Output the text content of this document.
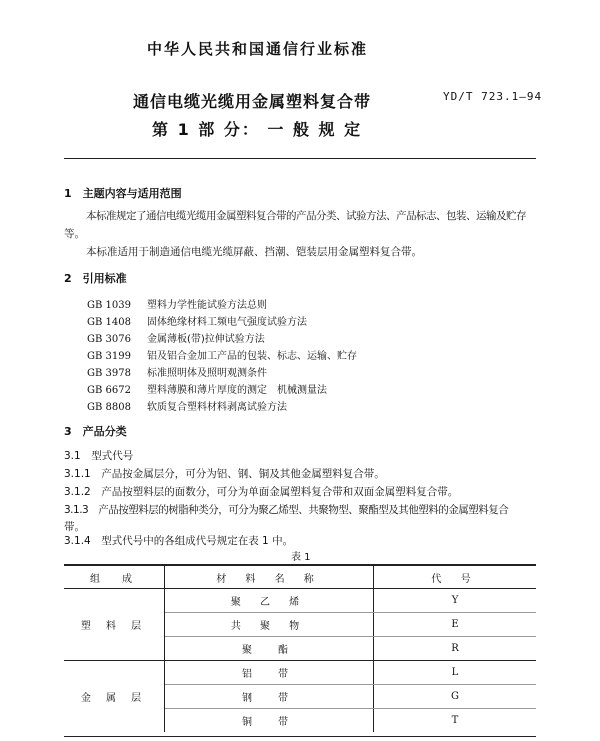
中华人民共和国通信行业标准
通信电缆光缆用金属塑料复合带	YD/T 723.1—94
第 1 部 分： 一 般 规 定
1　主题内容与适用范围
本标准规定了通信电缆光缆用金属塑料复合带的产品分类、试验方法、产品标志、包装、运输及贮存
等。
本标准适用于制造通信电缆光缆屏蔽、挡潮、铠装层用金属塑料复合带。
2　引用标准
GB 1039 塑料力学性能试验方法总则
GB 1408 固体绝缘材料工频电气强度试验方法
GB 3076 金属薄板(带)拉伸试验方法
GB 3199 铝及铝合金加工产品的包装、标志、运输、贮存
GB 3978 标准照明体及照明观测条件
GB 6672 塑料薄膜和薄片厚度的测定　机械测量法
GB 8808 软质复合塑料材料剥离试验方法
3　产品分类
3.1　型式代号
3.1.1　产品按金属层分，可分为铝、钢、铜及其他金属塑料复合带。
3.1.2　产品按塑料层的面数分，可分为单面金属塑料复合带和双面金属塑料复合带。
3.1.3　产品按塑料层的树脂种类分，可分为聚乙烯型、共聚物型、聚酯型及其他塑料的金属塑料复合
带。
3.1.4　型式代号中的各组成代号规定在表 1 中。
表 1
组　成	材 料 名 称	代 号
塑 料 层	聚 乙 烯	Y
	共 聚 物	E
	聚　酯	R
金 属 层	铝　带	L
	钢　带	G
	铜　带	T
